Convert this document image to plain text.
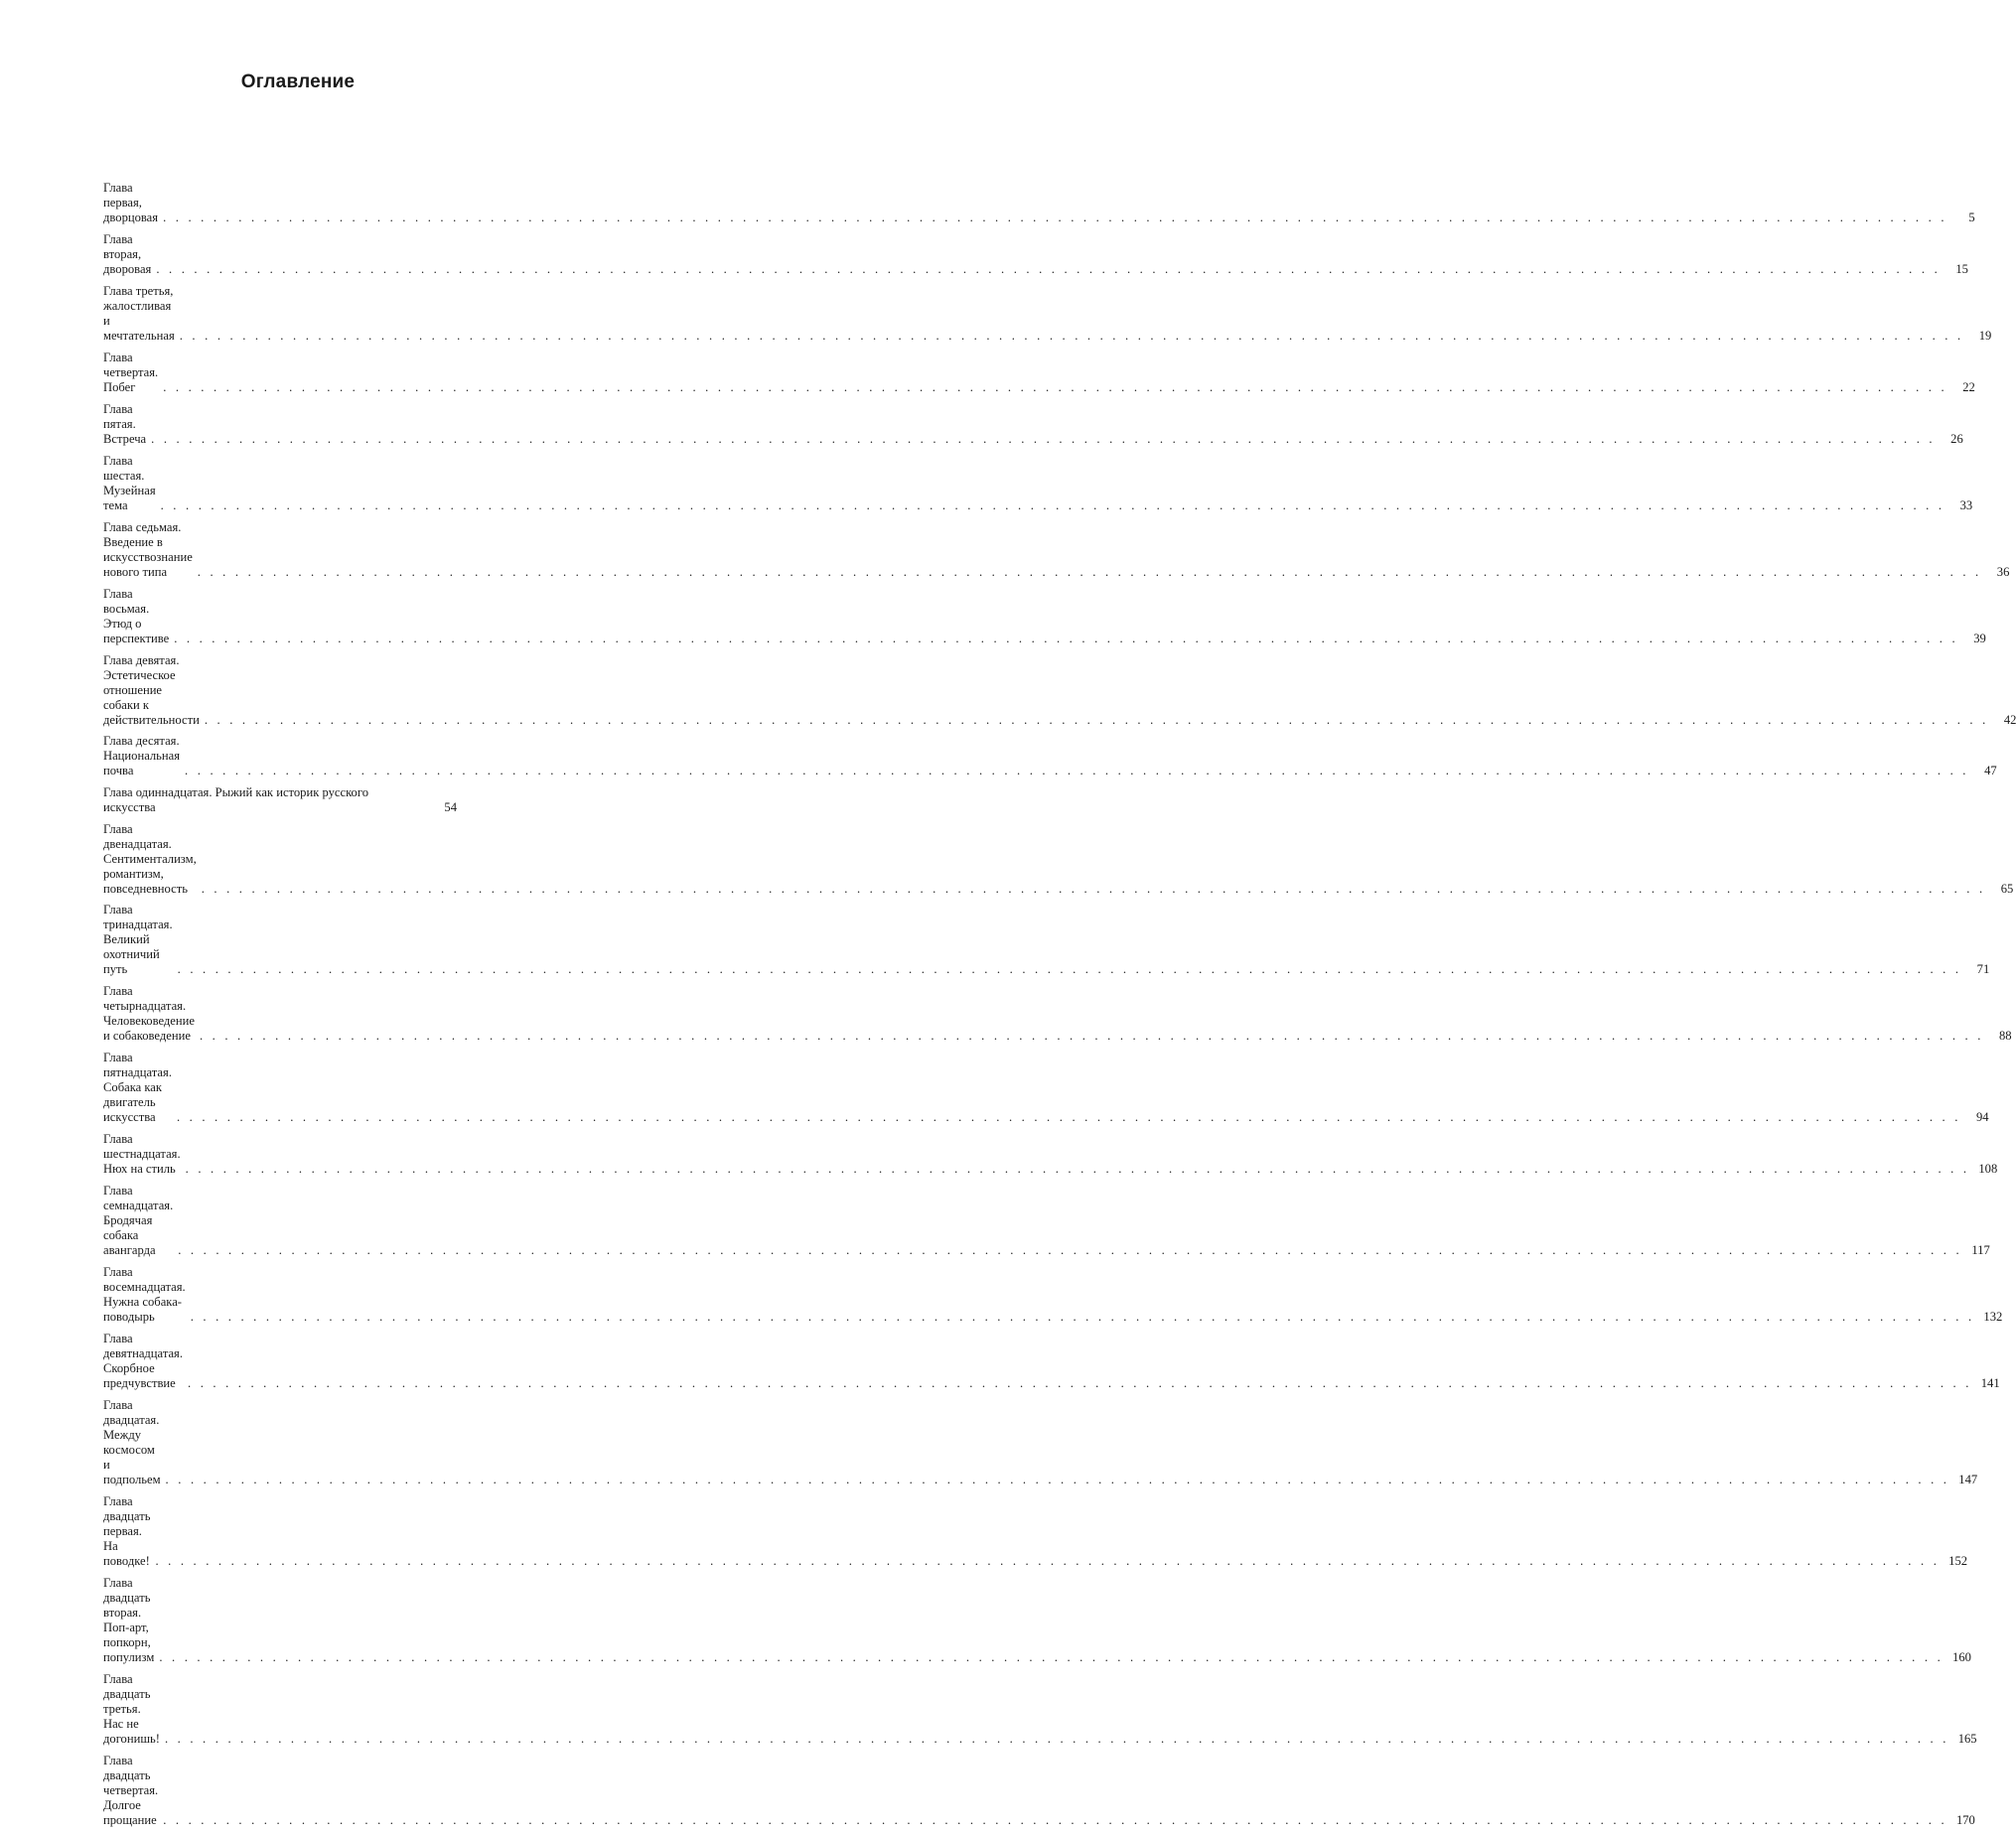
Оглавление
Глава первая, дворцовая . . .	5
Глава вторая, дворовая . . .	15
Глава третья, жалостливая и мечтательная . . .	19
Глава четвертая. Побег . . .	22
Глава пятая. Встреча . . .	26
Глава шестая. Музейная тема . . .	33
Глава седьмая. Введение в искусствознание нового типа . . .	36
Глава восьмая. Этюд о перспективе . . .	39
Глава девятая. Эстетическое отношение собаки к действительности . . .	42
Глава десятая. Национальная почва . . .	47
Глава одиннадцатая. Рыжий как историк русского искусства	54
Глава двенадцатая. Сентиментализм, романтизм, повседневность . . .	65
Глава тринадцатая. Великий охотничий путь . . .	71
Глава четырнадцатая. Человековедение и собаковедение . . .	88
Глава пятнадцатая. Собака как двигатель искусства . . .	94
Глава шестнадцатая. Нюх на стиль . . .	108
Глава семнадцатая. Бродячая собака авангарда . . .	117
Глава восемнадцатая. Нужна собака-поводырь . . .	132
Глава девятнадцатая. Скорбное предчувствие . . .	141
Глава двадцатая. Между космосом и подпольем . . .	147
Глава двадцать первая. На поводке! . . .	152
Глава двадцать вторая. Поп-арт, попкорн, популизм . . .	160
Глава двадцать третья. Нас не догонишь! . . .	165
Глава двадцать четвертая. Долгое прощание . . .	170
